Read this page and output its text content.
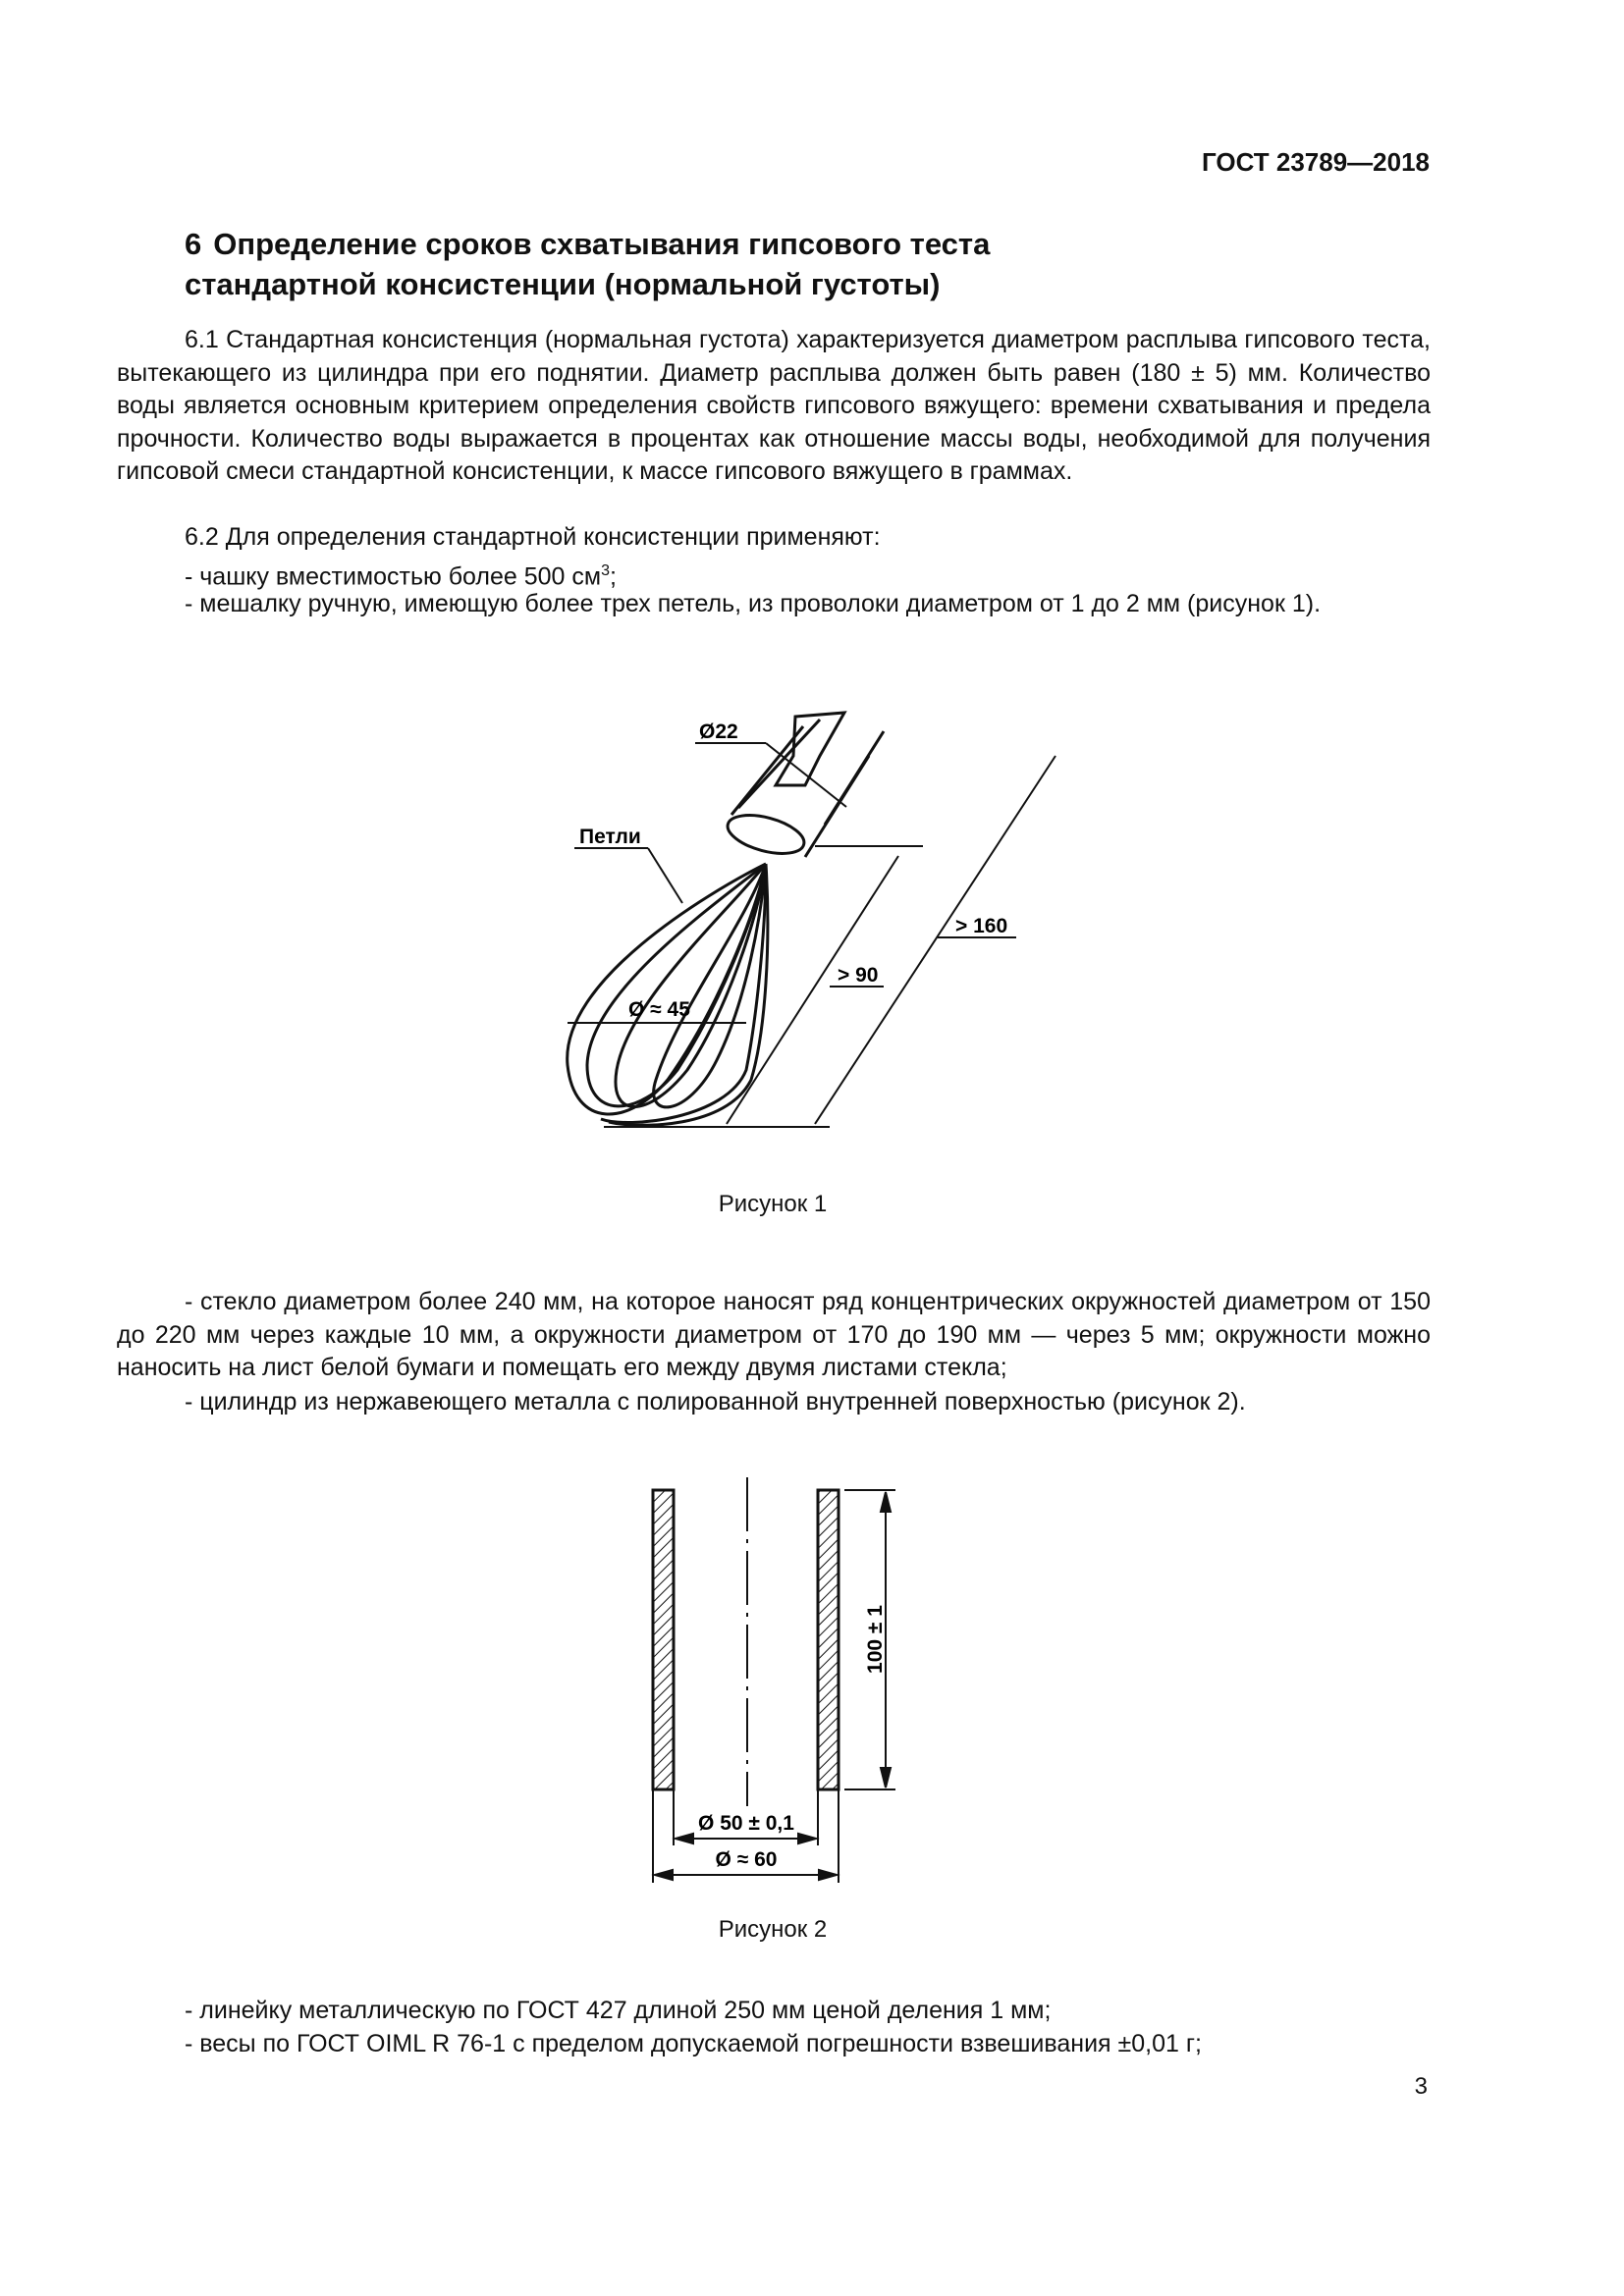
ГОСТ 23789—2018
6 Определение сроков схватывания гипсового теста
стандартной консистенции (нормальной густоты)

6.1 Стандартная консистенция (нормальная густота) характеризуется диаметром расплыва гипсового теста, вытекающего из цилиндра при его поднятии. Диаметр расплыва должен быть равен (180 ± 5) мм. Количество воды является основным критерием определения свойств гипсового вяжущего: времени схватывания и предела прочности. Количество воды выражается в процентах как отношение массы воды, необходимой для получения гипсовой смеси стандартной консистенции, к массе гипсового вяжущего в граммах.

6.2 Для определения стандартной консистенции применяют:

- чашку вместимостью более 500 $см^3$;

- мешалку ручную, имеющую более трех петель, из проволоки диаметром от 1 до 2 мм (рисунок 1).

Ø22
Петли
Ø ≈ 45
> 90
> 160

Рисунок 1

- стекло диаметром более 240 мм, на которое наносят ряд концентрических окружностей диаметром от 150 до 220 мм через каждые 10 мм, а окружности диаметром от 170 до 190 мм — через 5 мм; окружности можно наносить на лист белой бумаги и помещать его между двумя листами стекла;

- цилиндр из нержавеющего металла с полированной внутренней поверхностью (рисунок 2).

100 ± 1
Ø 50 ± 0,1
Ø ≈ 60

Рисунок 2

- линейку металлическую по ГОСТ 427 длиной 250 мм ценой деления 1 мм;

- весы по ГОСТ OIML R 76-1 с пределом допускаемой погрешности взвешивания ±0,01 г;

3
